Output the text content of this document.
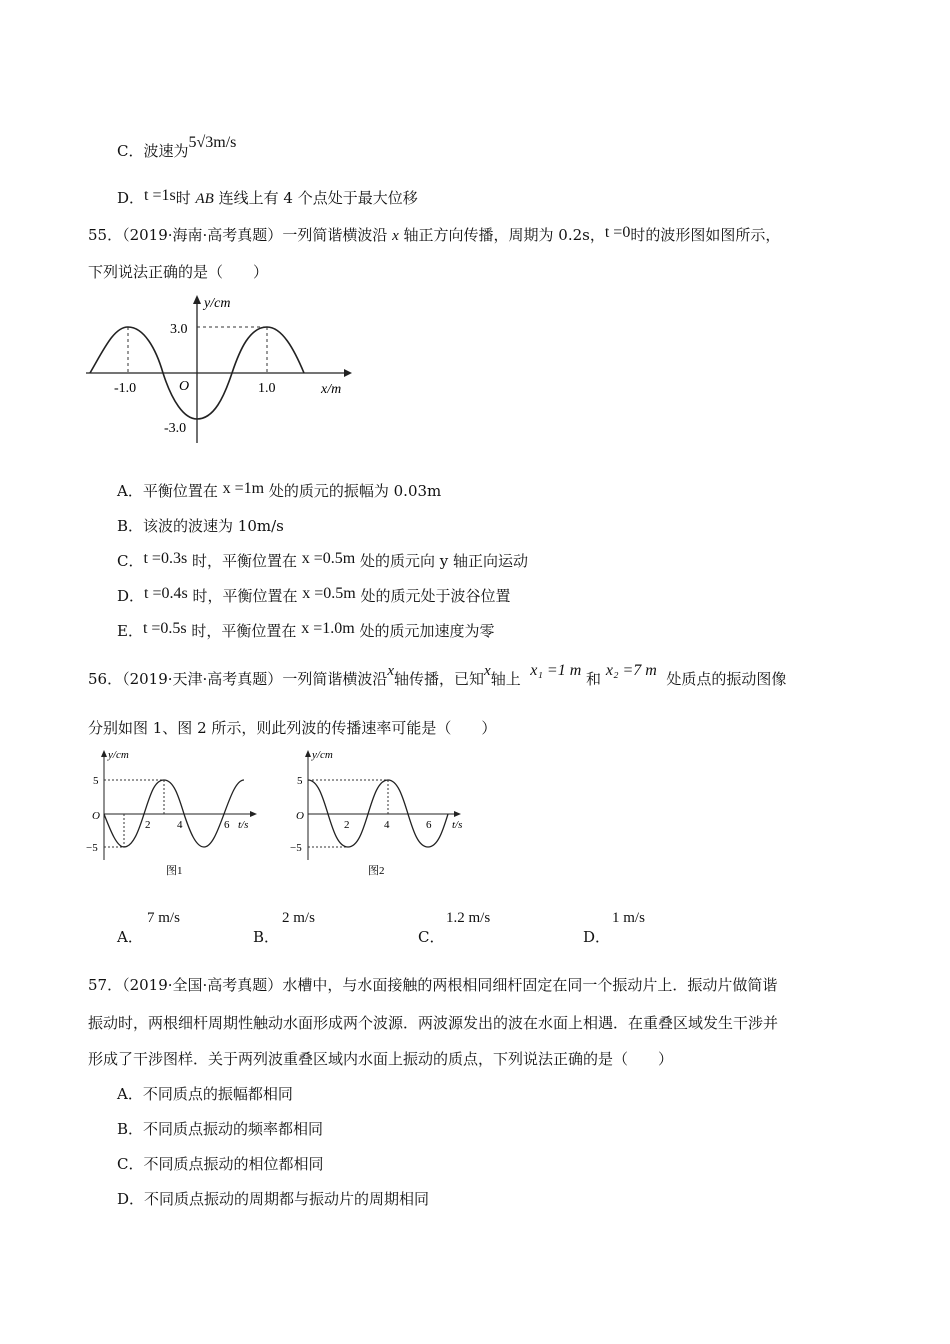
C．波速为5√3m/s
D．t =1s时 AB 连线上有 4 个点处于最大位移
55．（2019·海南·高考真题）一列简谐横波沿 x 轴正方向传播，周期为 0.2s，t =0时的波形图如图所示，
下列说法正确的是（　　）
y/cm
x/m
O
3.0
-3.0
-1.0	1.0
A．平衡位置在 x =1m 处的质元的振幅为 0.03m
B．该波的波速为 10m/s
C．t =0.3s 时，平衡位置在 x =0.5m 处的质元向 y 轴正向运动
D．t =0.4s 时，平衡位置在 x =0.5m 处的质元处于波谷位置
E．t =0.5s 时，平衡位置在 x =1.0m 处的质元加速度为零
56．（2019·天津·高考真题）一列简谐横波沿x轴传播，已知x轴上 x₁ =1 m 和 x₂ =7 m 处质点的振动图像
分别如图 1、图 2 所示，则此列波的传播速率可能是（　　）
y/cm
t/s
O
5
−5
2 4	6
图1
y/cm
t/s
O
5
−5
2	4	6
图2
A．
7 m/s
B．
2 m/s
C．
1.2 m/s
D．
1 m/s
57．（2019·全国·高考真题）水槽中，与水面接触的两根相同细杆固定在同一个振动片上．振动片做简谐
振动时，两根细杆周期性触动水面形成两个波源．两波源发出的波在水面上相遇．在重叠区域发生干涉并
形成了干涉图样．关于两列波重叠区域内水面上振动的质点，下列说法正确的是（　　）
A．不同质点的振幅都相同
B．不同质点振动的频率都相同
C．不同质点振动的相位都相同
D．不同质点振动的周期都与振动片的周期相同
